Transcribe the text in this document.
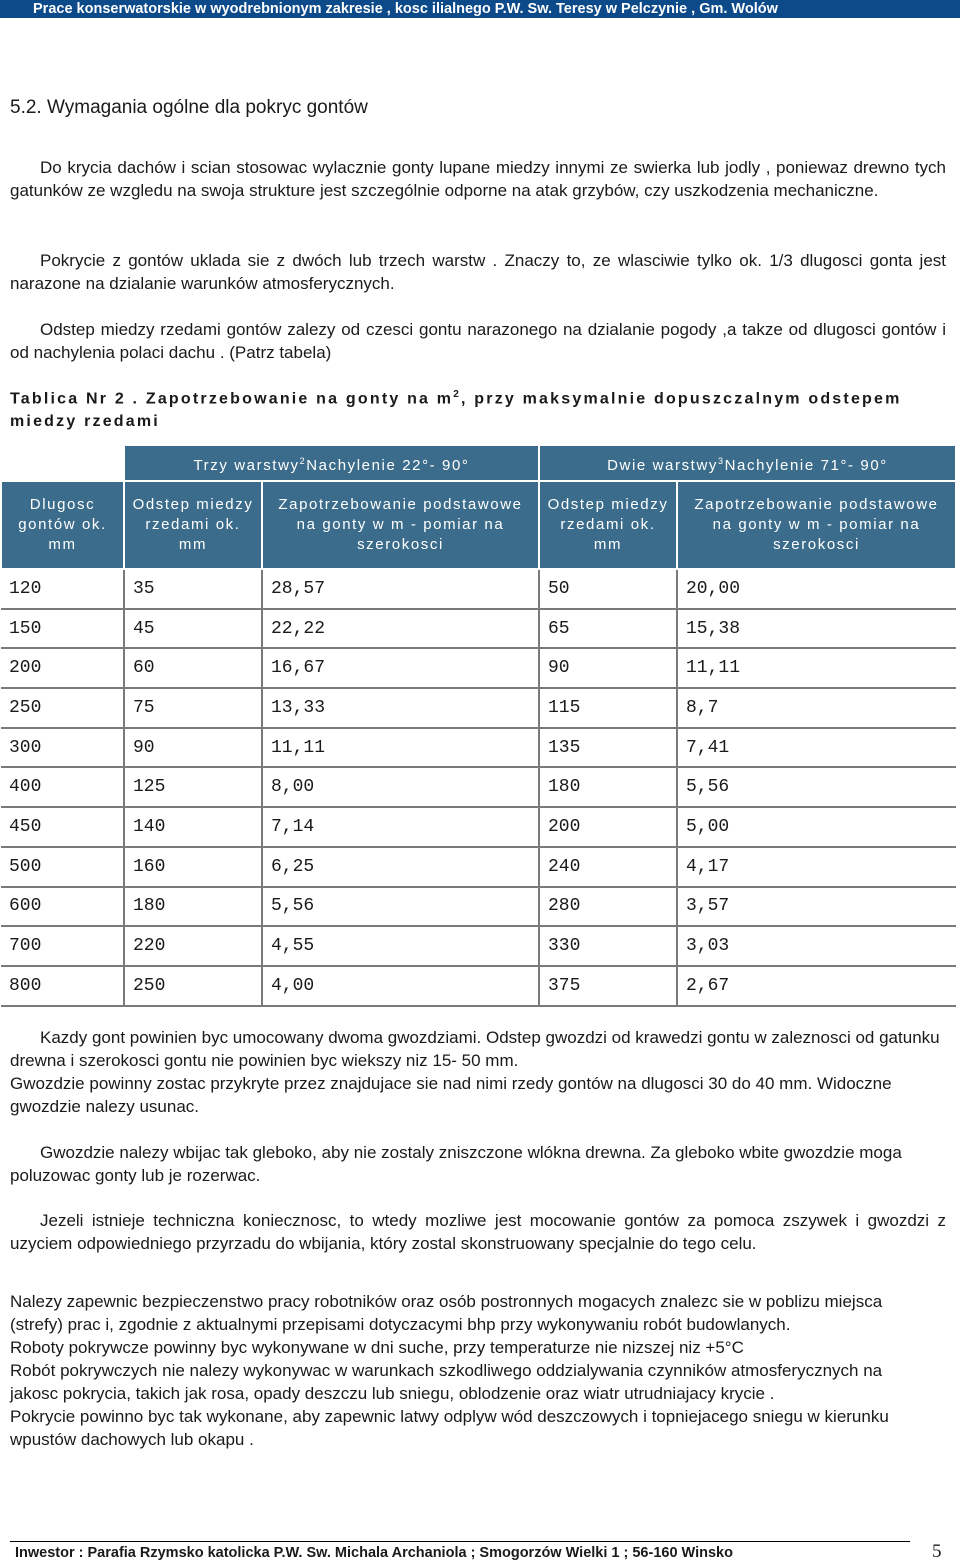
Prace konserwatorskie w wyodrebnionym zakresie , kosc ilialnego P.W. Sw. Teresy w Pelczynie , Gm. Wolów
5.2. Wymagania ogólne dla pokryc gontów

Do krycia dachów i scian stosowac wylacznie gonty lupane miedzy innymi ze swierka lub jodly , poniewaz drewno tych gatunków ze wzgledu na swoja strukture jest szczególnie odporne na atak grzybów, czy uszkodzenia mechaniczne.

Pokrycie z gontów uklada sie z dwóch lub trzech warstw . Znaczy to, ze wlasciwie tylko ok. 1/3 dlugosci gonta jest narazone na dzialanie warunków atmosferycznych.

Odstep miedzy rzedami gontów zalezy od czesci gontu narazonego na dzialanie pogody ,a takze od dlugosci gontów i od nachylenia polaci dachu . (Patrz tabela)

Tablica Nr 2 . Zapotrzebowanie na gonty na $m^2$, przy maksymalnie dopuszczalnym odstepem miedzy rzedami
	Trzy warstwy$^2$Nachylenie 22°- 90°		Dwie warstwy$^3$Nachylenie 71°- 90°	
Dlugosc gontów ok. mm	Odstep miedzy rzedami ok. mm	Zapotrzebowanie podstawowe na gonty w m - pomiar na szerokosci	Odstep miedzy rzedami ok. mm	Zapotrzebowanie podstawowe na gonty w m - pomiar na szerokosci
120	35	28,57	50	20,00
150	45	22,22	65	15,38
200	60	16,67	90	11,11
250	75	13,33	115	8,7
300	90	11,11	135	7,41
400	125	8,00	180	5,56
450	140	7,14	200	5,00
500	160	6,25	240	4,17
600	180	5,56	280	3,57
700	220	4,55	330	3,03
800	250	4,00	375	2,67

Kazdy gont powinien byc umocowany dwoma gwozdziami. Odstep gwozdzi od krawedzi gontu w zaleznosci od gatunku drewna i szerokosci gontu nie powinien byc wiekszy niz 15- 50 mm.

Gwozdzie powinny zostac przykryte przez znajdujace sie nad nimi rzedy gontów na dlugosci 30 do 40 mm. Widoczne gwozdzie nalezy usunac.

Gwozdzie nalezy wbijac tak gleboko, aby nie zostaly zniszczone wlókna drewna. Za gleboko wbite gwozdzie moga poluzowac gonty lub je rozerwac.

Jezeli istnieje techniczna koniecznosc, to wtedy mozliwe jest mocowanie gontów za pomoca zszywek i gwozdzi z uzyciem odpowiedniego przyrzadu do wbijania, który zostal skonstruowany specjalnie do tego celu.

Nalezy zapewnic bezpieczenstwo pracy robotników oraz osób postronnych mogacych znalezc sie w poblizu miejsca (strefy) prac i, zgodnie z aktualnymi przepisami dotyczacymi bhp przy wykonywaniu robót budowlanych.

Roboty pokrywcze powinny byc wykonywane w dni suche, przy temperaturze nie nizszej niz +5°C

Robót pokrywczych nie nalezy wykonywac w warunkach szkodliwego oddzialywania czynników atmosferycznych na jakosc pokrycia, takich jak rosa, opady deszczu lub sniegu, oblodzenie oraz wiatr utrudniajacy krycie .

Pokrycie powinno byc tak wykonane, aby zapewnic latwy odplyw wód deszczowych i topniejacego sniegu w kierunku wpustów dachowych lub okapu .

Inwestor : Parafia Rzymsko katolicka P.W. Sw. Michala Archaniola ; Smogorzów Wielki 1 ; 56-160 Winsko	5
